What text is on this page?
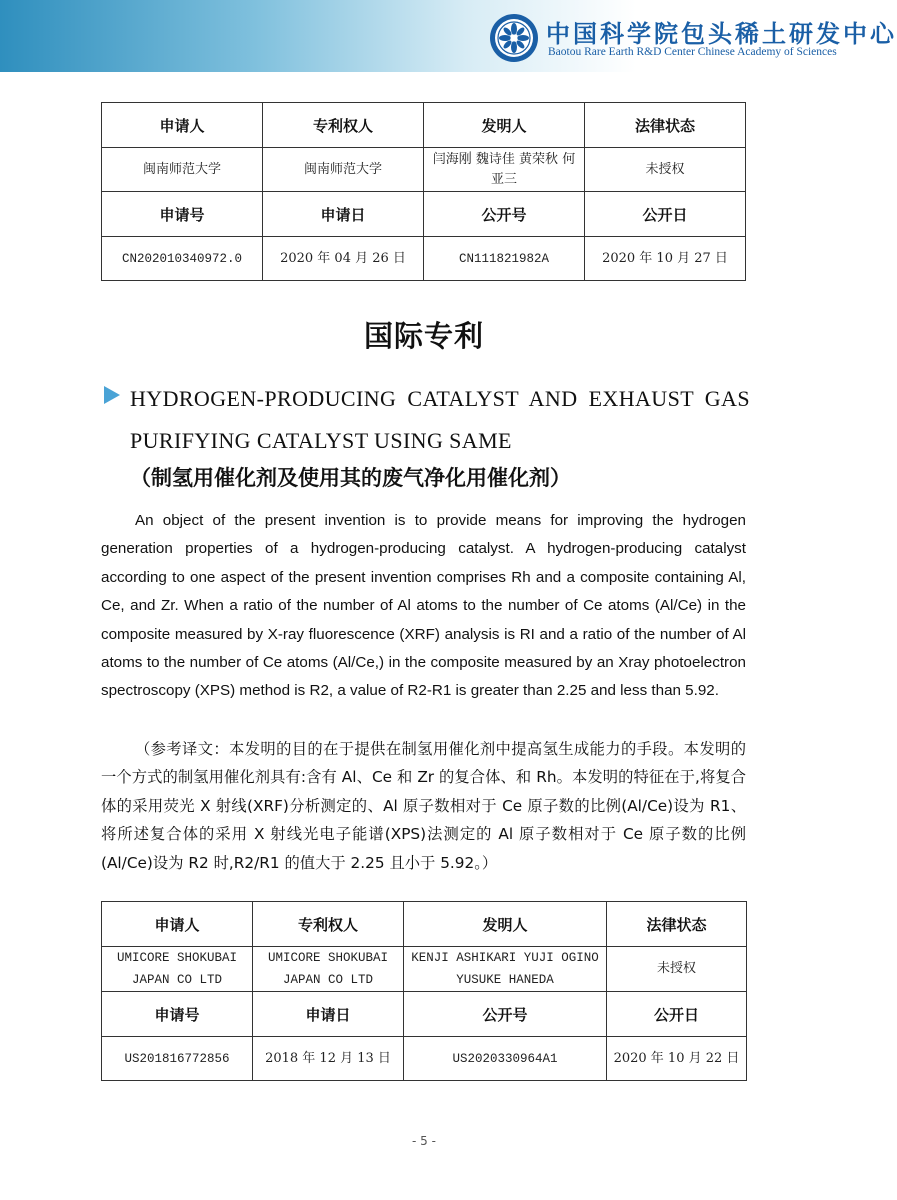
中国科学院包头稀土研发中心
Baotou Rare Earth R&D Center Chinese Academy of Sciences
申请人	专利权人	发明人	法律状态
闽南师范大学	闽南师范大学	闫海刚 魏诗佳 黄荣秋 何亚三	未授权
申请号	申请日	公开号	公开日
CN202010340972.0	2020 年 04 月 26 日	CN111821982A	2020 年 10 月 27 日
国际专利
HYDROGEN-PRODUCING CATALYST AND EXHAUST GAS PURIFYING CATALYST USING SAME
（制氢用催化剂及使用其的废气净化用催化剂）

An object of the present invention is to provide means for improving the hydrogen generation properties of a hydrogen-producing catalyst. A hydrogen-producing catalyst according to one aspect of the present invention comprises Rh and a composite containing Al, Ce, and Zr. When a ratio of the number of Al atoms to the number of Ce atoms (Al/Ce) in the composite measured by X-ray fluorescence (XRF) analysis is RI and a ratio of the number of Al atoms to the number of Ce atoms (Al/Ce,) in the composite measured by an Xray photoelectron spectroscopy (XPS) method is R2, a value of R2-R1 is greater than 2.25 and less than 5.92.

（参考译文：本发明的目的在于提供在制氢用催化剂中提高氢生成能力的手段。本发明的一个方式的制氢用催化剂具有:含有 Al、Ce 和 Zr 的复合体、和 Rh。本发明的特征在于,将复合体的采用荧光 X 射线(XRF)分析测定的、Al 原子数相对于 Ce 原子数的比例(Al/Ce)设为 R1、将所述复合体的采用 X 射线光电子能谱(XPS)法测定的 Al 原子数相对于 Ce 原子数的比例(Al/Ce)设为 R2 时,R2/R1 的值大于 2.25 且小于 5.92。）

申请人	专利权人	发明人	法律状态
UMICORE SHOKUBAI JAPAN CO LTD	UMICORE SHOKUBAI JAPAN CO LTD	KENJI ASHIKARI YUJI OGINO YUSUKE HANEDA	未授权
申请号	申请日	公开号	公开日
US201816772856	2018 年 12 月 13 日	US2020330964A1	2020 年 10 月 22 日
- 5 -
